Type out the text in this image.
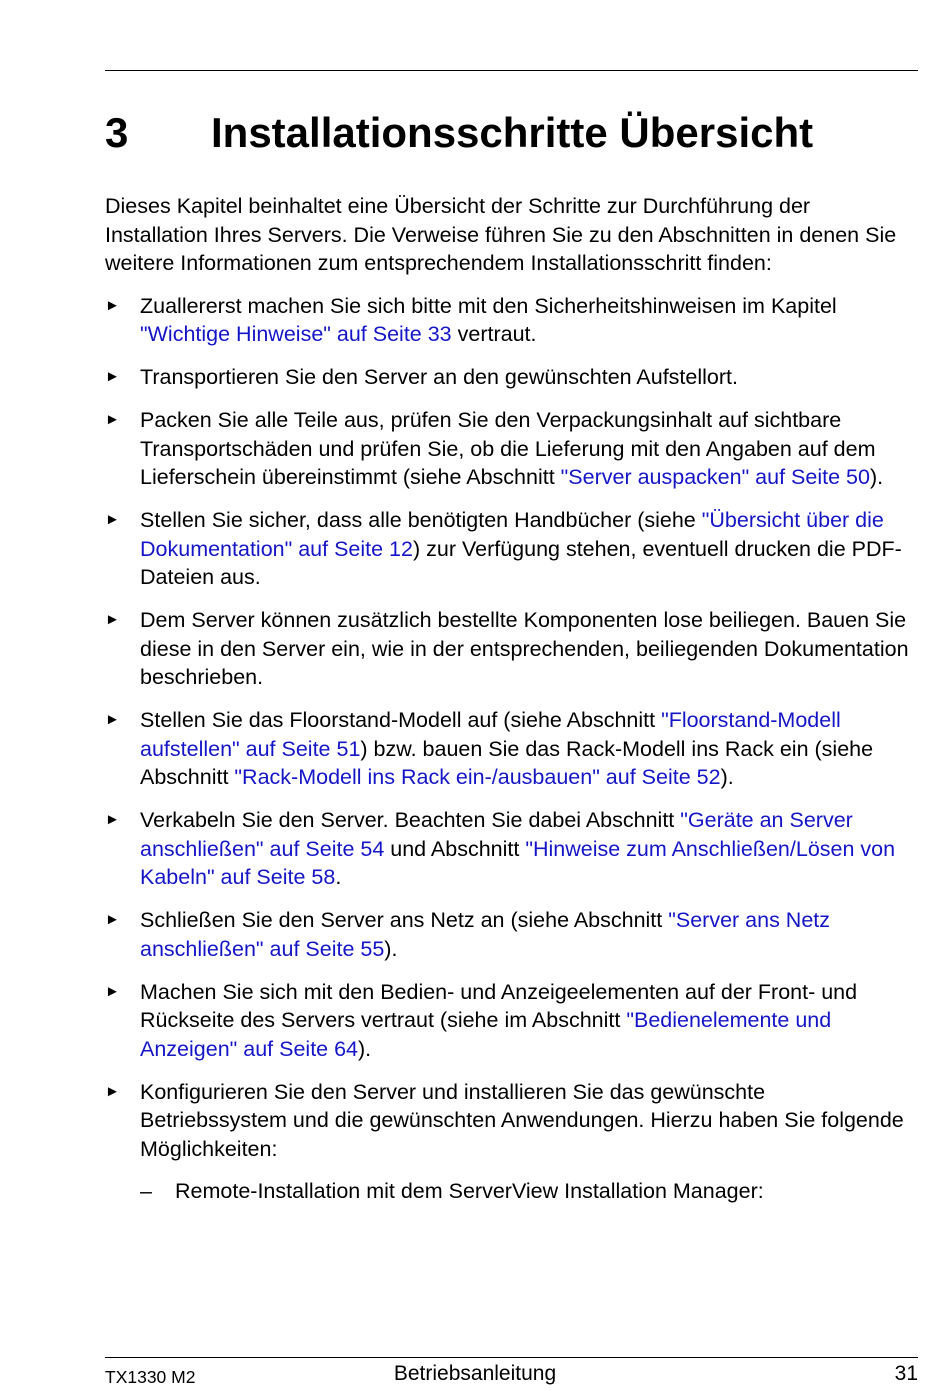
3 Installationsschritte Übersicht

Dieses Kapitel beinhaltet eine Übersicht der Schritte zur Durchführung der Installation Ihres Servers. Die Verweise führen Sie zu den Abschnitten in denen Sie weitere Informationen zum entsprechendem Installationsschritt finden:

► Zuallererst machen Sie sich bitte mit den Sicherheitshinweisen im Kapitel "Wichtige Hinweise" auf Seite 33 vertraut.
► Transportieren Sie den Server an den gewünschten Aufstellort.
► Packen Sie alle Teile aus, prüfen Sie den Verpackungsinhalt auf sichtbare Transportschäden und prüfen Sie, ob die Lieferung mit den Angaben auf dem Lieferschein übereinstimmt (siehe Abschnitt "Server auspacken" auf Seite 50).
► Stellen Sie sicher, dass alle benötigten Handbücher (siehe "Übersicht über die Dokumentation" auf Seite 12) zur Verfügung stehen, eventuell drucken die PDF-Dateien aus.
► Dem Server können zusätzlich bestellte Komponenten lose beiliegen. Bauen Sie diese in den Server ein, wie in der entsprechenden, beiliegenden Dokumentation beschrieben.
► Stellen Sie das Floorstand-Modell auf (siehe Abschnitt "Floorstand-Modell aufstellen" auf Seite 51) bzw. bauen Sie das Rack-Modell ins Rack ein (siehe Abschnitt "Rack-Modell ins Rack ein-/ausbauen" auf Seite 52).
► Verkabeln Sie den Server. Beachten Sie dabei Abschnitt "Geräte an Server anschließen" auf Seite 54 und Abschnitt "Hinweise zum Anschließen/Lösen von Kabeln" auf Seite 58.
► Schließen Sie den Server ans Netz an (siehe Abschnitt "Server ans Netz anschließen" auf Seite 55).
► Machen Sie sich mit den Bedien- und Anzeigeelementen auf der Front- und Rückseite des Servers vertraut (siehe im Abschnitt "Bedienelemente und Anzeigen" auf Seite 64).
► Konfigurieren Sie den Server und installieren Sie das gewünschte Betriebssystem und die gewünschten Anwendungen. Hierzu haben Sie folgende Möglichkeiten:
– Remote-Installation mit dem ServerView Installation Manager:
TX1330 M2	Betriebsanleitung	31
